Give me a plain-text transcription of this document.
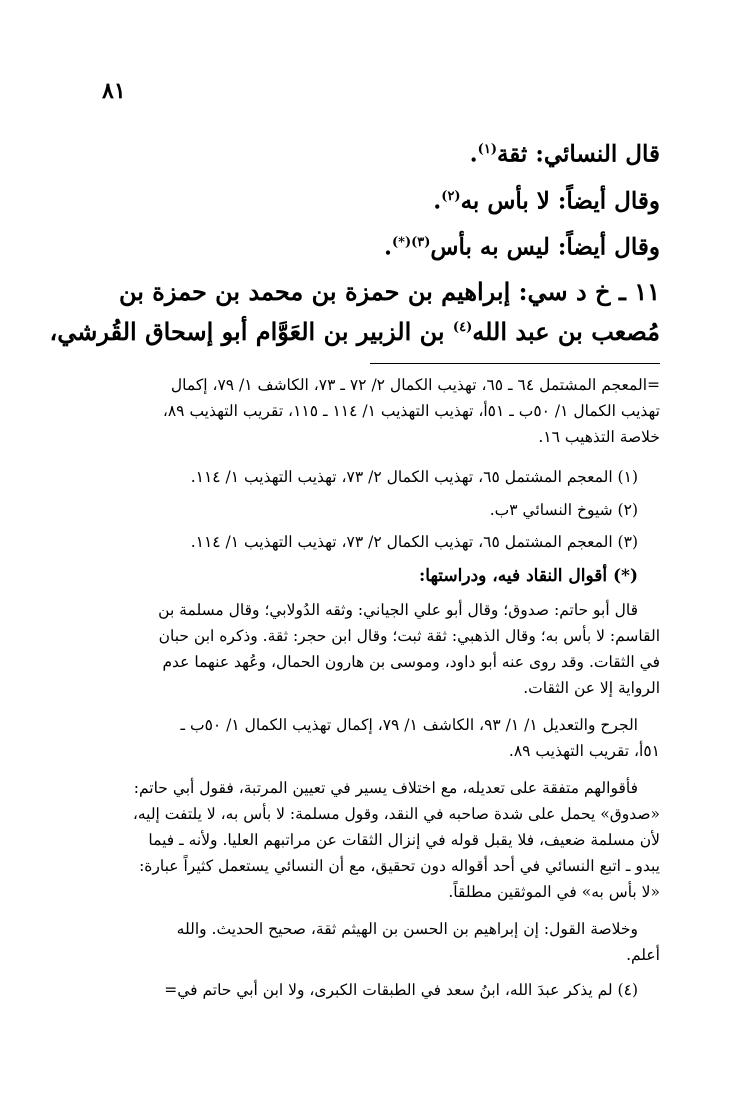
٨١
قال النسائي: ثقة$^{(١)}$.
وقال أيضاً: لا بأس به$^{(٢)}$.
وقال أيضاً: ليس به بأس$^{(٣)(*)}$.
١١ ـ خ د سي: إبراهيم بن حمزة بن محمد بن حمزة بن
مُصعب بن عبد الله$^{(٤)}$ بن الزبير بن العَوَّام أبو إسحاق القُرشي،
=المعجم المشتمل ٦٤ ـ ٦٥، تهذيب الكمال ٢/ ٧٢ ـ ٧٣، الكاشف ١/ ٧٩، إكمال
تهذيب الكمال ١/ ٥٠ب ـ ٥١أ، تهذيب التهذيب ١/ ١١٤ ـ ١١٥، تقريب التهذيب ٨٩،
خلاصة التذهيب ١٦.
(١) المعجم المشتمل ٦٥، تهذيب الكمال ٢/ ٧٣، تهذيب التهذيب ١/ ١١٤.
(٢) شيوخ النسائي ٣ب.
(٣) المعجم المشتمل ٦٥، تهذيب الكمال ٢/ ٧٣، تهذيب التهذيب ١/ ١١٤.
(*) أقوال النقاد فيه، ودراستها:
قال أبو حاتم: صدوق؛ وقال أبو علي الجياني: وثقه الدُولابي؛ وقال مسلمة بن
القاسم: لا بأس به؛ وقال الذهبي: ثقة ثبت؛ وقال ابن حجر: ثقة. وذكره ابن حبان
في الثقات. وقد روى عنه أبو داود، وموسى بن هارون الحمال، وعُهد عنهما عدم
الرواية إلا عن الثقات.
الجرح والتعديل ١/ ١/ ٩٣، الكاشف ١/ ٧٩، إكمال تهذيب الكمال ١/ ٥٠ب ـ
٥١أ، تقريب التهذيب ٨٩.
فأقوالهم متفقة على تعديله، مع اختلاف يسير في تعيين المرتبة، فقول أبي حاتم:
«صدوق» يحمل على شدة صاحبه في النقد، وقول مسلمة: لا بأس به، لا يلتفت إليه،
لأن مسلمة ضعيف، فلا يقبل قوله في إنزال الثقات عن مراتبهم العليا. ولأنه ـ فيما
يبدو ـ اتبع النسائي في أحد أقواله دون تحقيق، مع أن النسائي يستعمل كثيراً عبارة:
«لا بأس به» في الموثقين مطلقاً.
وخلاصة القول: إن إبراهيم بن الحسن بن الهيثم ثقة، صحيح الحديث. والله
أعلم.
(٤) لم يذكر عبدَ الله، ابنُ سعد في الطبقات الكبرى، ولا ابن أبي حاتم في=
